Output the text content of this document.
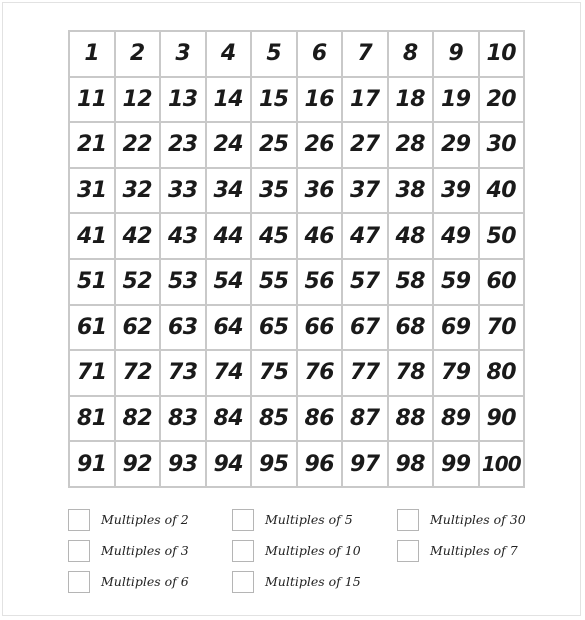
1	2	3	4	5	6	7	8	9	10
11 12 13 14 15 16 17 18 19 20
21 22 23 24 25 26 27 28 29 30
31 32 33 34 35 36 37 38 39 40
41 42 43 44 45 46 47 48 49 50
51 52 53 54 55 56 57 58 59 60
61 62 63 64 65 66 67 68 69 70
71 72 73 74 75 76 77 78 79 80
81 82 83 84 85 86 87 88 89 90
91 92 93 94 95 96 97 98 99 100
Multiples of 2
Multiples of 3
Multiples of 6
Multiples of 5
Multiples of 10
Multiples of 15
Multiples of 30
Multiples of 7
